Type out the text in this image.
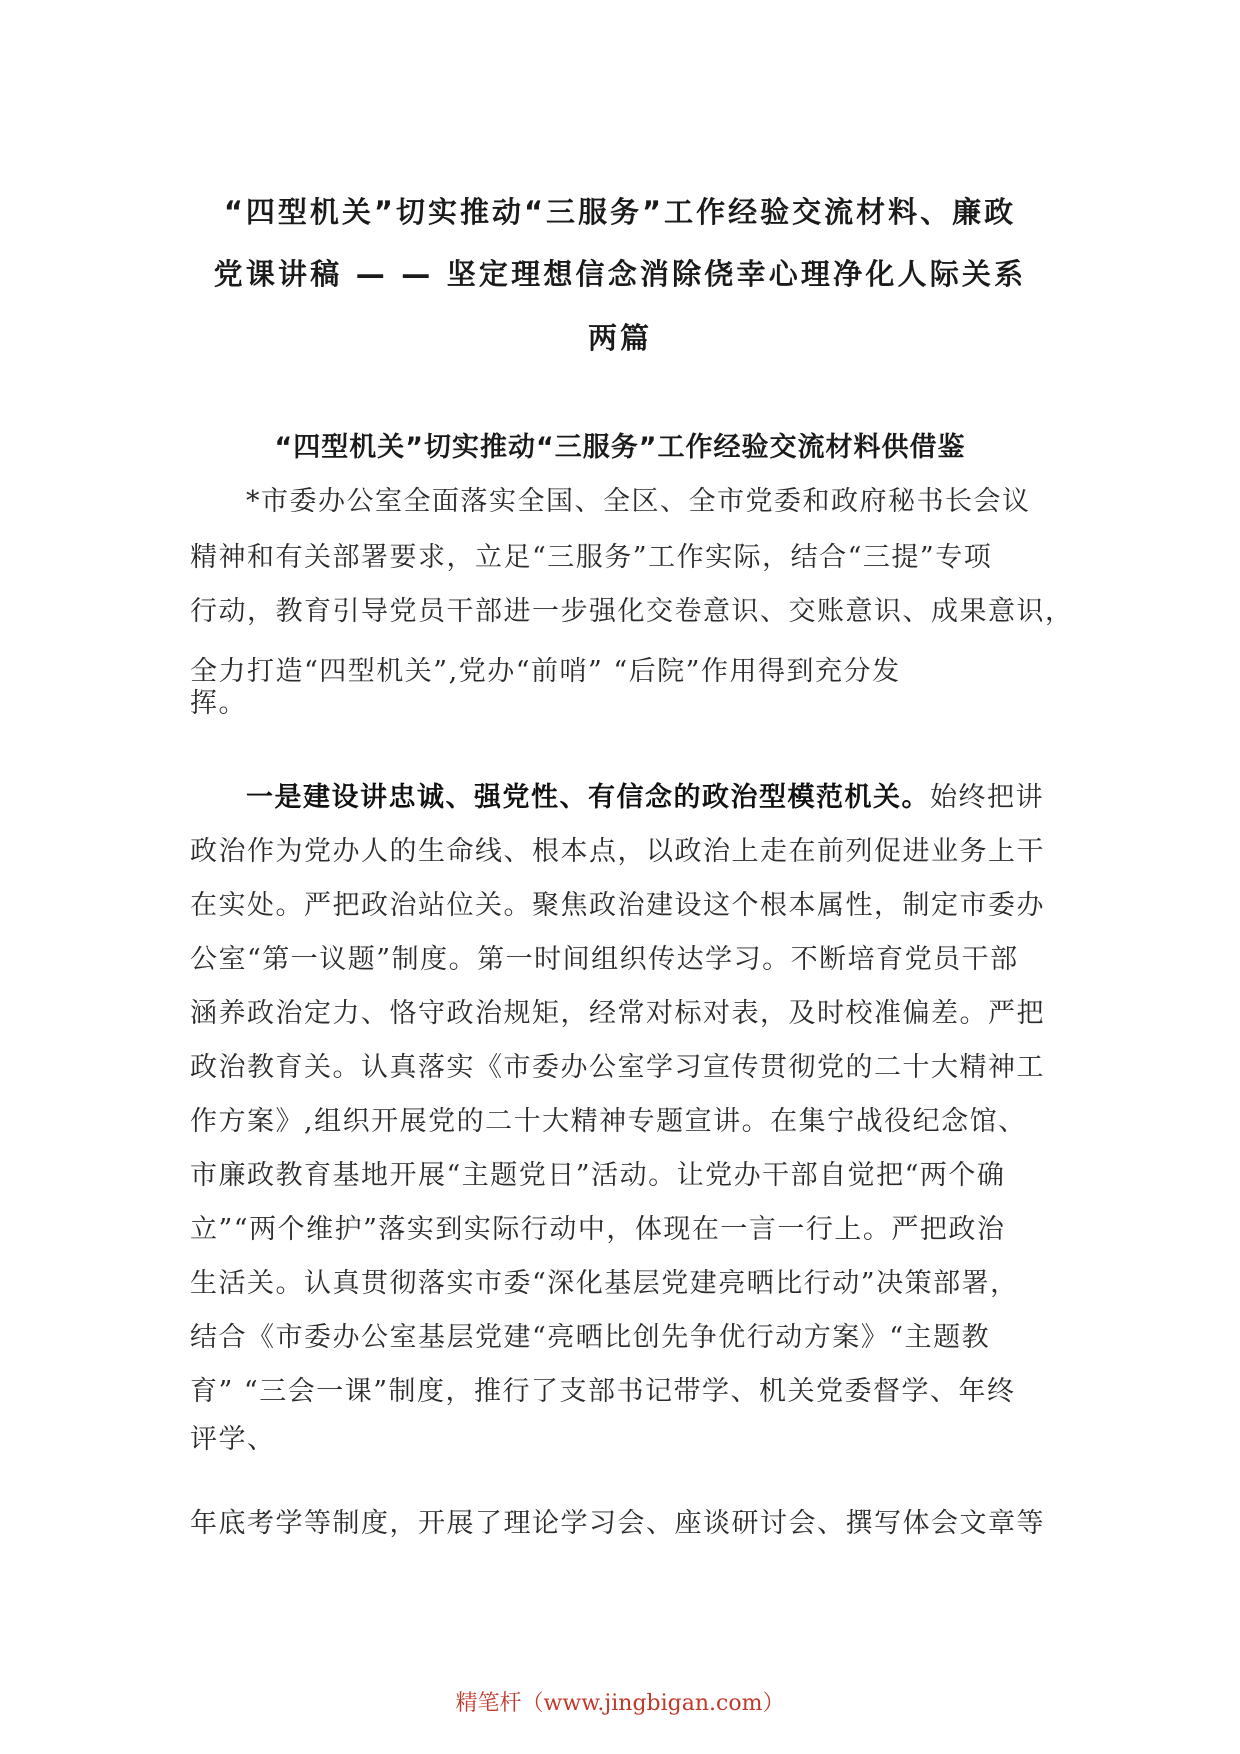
“四型机关”切实推动“三服务”工作经验交流材料、廉政
党课讲稿 — — 坚定理想信念消除侥幸心理净化人际关系
两篇
“四型机关”切实推动“三服务”工作经验交流材料供借鉴
*市委办公室全面落实全国、全区、全市党委和政府秘书长会议
精神和有关部署要求，立足“三服务”工作实际，结合“三提”专项
行动，教育引导党员干部进一步强化交卷意识、交账意识、成果意识，
全力打造“四型机关”,党办“前哨” “后院”作用得到充分发
挥。
一是建设讲忠诚、强党性、有信念的政治型模范机关。始终把讲
政治作为党办人的生命线、根本点，以政治上走在前列促进业务上干
在实处。严把政治站位关。聚焦政治建设这个根本属性，制定市委办
公室“第一议题”制度。第一时间组织传达学习。不断培育党员干部
涵养政治定力、恪守政治规矩，经常对标对表，及时校准偏差。严把
政治教育关。认真落实《市委办公室学习宣传贯彻党的二十大精神工
作方案》,组织开展党的二十大精神专题宣讲。在集宁战役纪念馆、
市廉政教育基地开展“主题党日”活动。让党办干部自觉把“两个确
立”“两个维护”落实到实际行动中，体现在一言一行上。严把政治
生活关。认真贯彻落实市委“深化基层党建亮晒比行动”决策部署，
结合《市委办公室基层党建“亮晒比创先争优行动方案》“主题教
育” “三会一课”制度，推行了支部书记带学、机关党委督学、年终
评学、
年底考学等制度，开展了理论学习会、座谈研讨会、撰写体会文章等
精笔杆（www.jingbigan.com）
